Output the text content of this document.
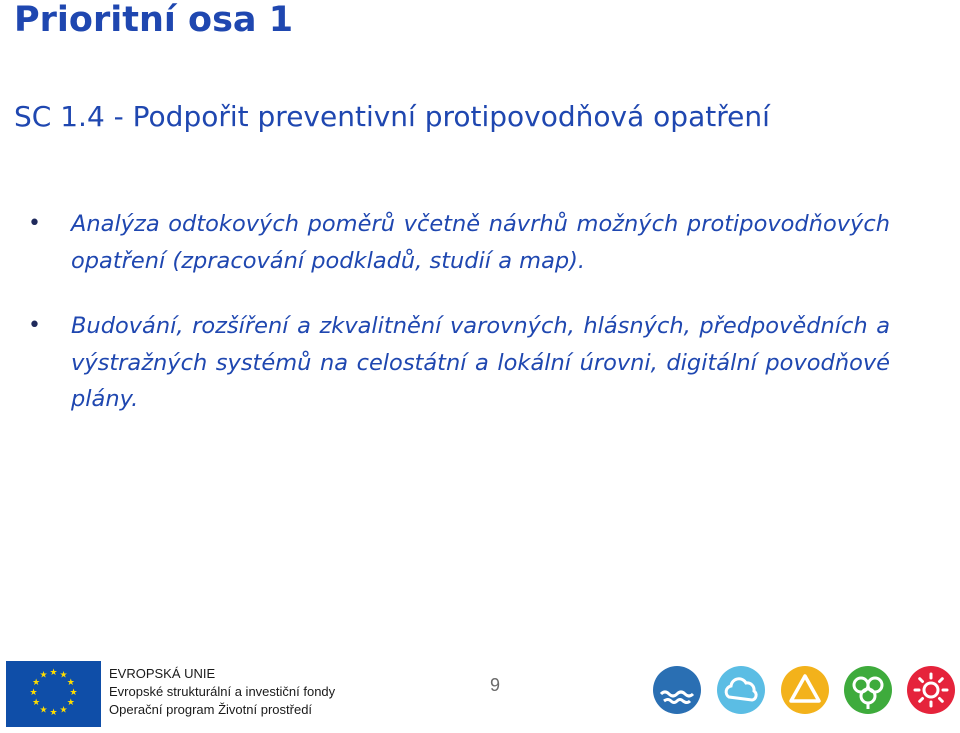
Prioritní osa 1
SC 1.4 - Podpořit preventivní protipovodňová opatření
• Analýza odtokových poměrů včetně návrhů možných protipovodňových opatření (zpracování podkladů, studií a map).
• Budování, rozšíření a zkvalitnění varovných, hlásných, předpovědních a výstražných systémů na celostátní a lokální úrovni, digitální povodňové plány.
★ ★
★
★
★
★
★
★
★
★
★
★	EVROPSKÁ UNIE
Evropské strukturální a investiční fondy
Operační program Životní prostředí
9
